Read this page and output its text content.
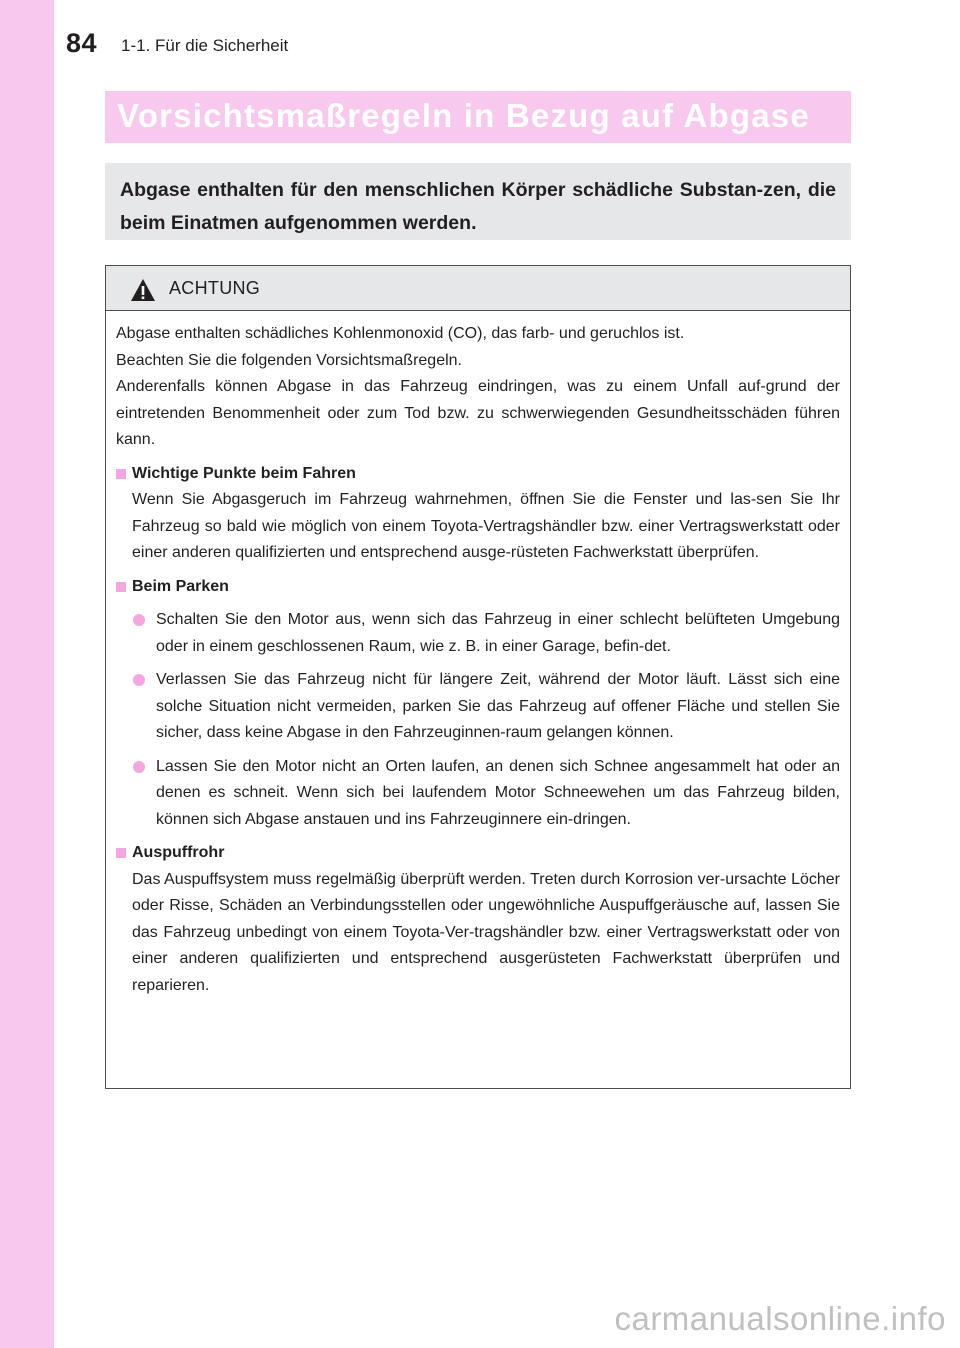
84 1-1. Für die Sicherheit
Vorsichtsmaßregeln in Bezug auf Abgase
Abgase enthalten für den menschlichen Körper schädliche Substan-zen, die beim Einatmen aufgenommen werden.
ACHTUNG

Abgase enthalten schädliches Kohlenmonoxid (CO), das farb- und geruchlos ist.

Beachten Sie die folgenden Vorsichtsmaßregeln.

Anderenfalls können Abgase in das Fahrzeug eindringen, was zu einem Unfall auf-grund der eintretenden Benommenheit oder zum Tod bzw. zu schwerwiegenden Gesundheitsschäden führen kann.

Wichtige Punkte beim Fahren

Wenn Sie Abgasgeruch im Fahrzeug wahrnehmen, öffnen Sie die Fenster und las-sen Sie Ihr Fahrzeug so bald wie möglich von einem Toyota-Vertragshändler bzw. einer Vertragswerkstatt oder einer anderen qualifizierten und entsprechend ausge-rüsteten Fachwerkstatt überprüfen.

Beim Parken

Schalten Sie den Motor aus, wenn sich das Fahrzeug in einer schlecht belüfteten Umgebung oder in einem geschlossenen Raum, wie z. B. in einer Garage, befin-det.

Verlassen Sie das Fahrzeug nicht für längere Zeit, während der Motor läuft. Lässt sich eine solche Situation nicht vermeiden, parken Sie das Fahrzeug auf offener Fläche und stellen Sie sicher, dass keine Abgase in den Fahrzeuginnen-raum gelangen können.

Lassen Sie den Motor nicht an Orten laufen, an denen sich Schnee angesammelt hat oder an denen es schneit. Wenn sich bei laufendem Motor Schneewehen um das Fahrzeug bilden, können sich Abgase anstauen und ins Fahrzeuginnere ein-dringen.

Auspuffrohr

Das Auspuffsystem muss regelmäßig überprüft werden. Treten durch Korrosion ver-ursachte Löcher oder Risse, Schäden an Verbindungsstellen oder ungewöhnliche Auspuffgeräusche auf, lassen Sie das Fahrzeug unbedingt von einem Toyota-Ver-tragshändler bzw. einer Vertragswerkstatt oder von einer anderen qualifizierten und entsprechend ausgerüsteten Fachwerkstatt überprüfen und reparieren.

carmanualsonline.info
